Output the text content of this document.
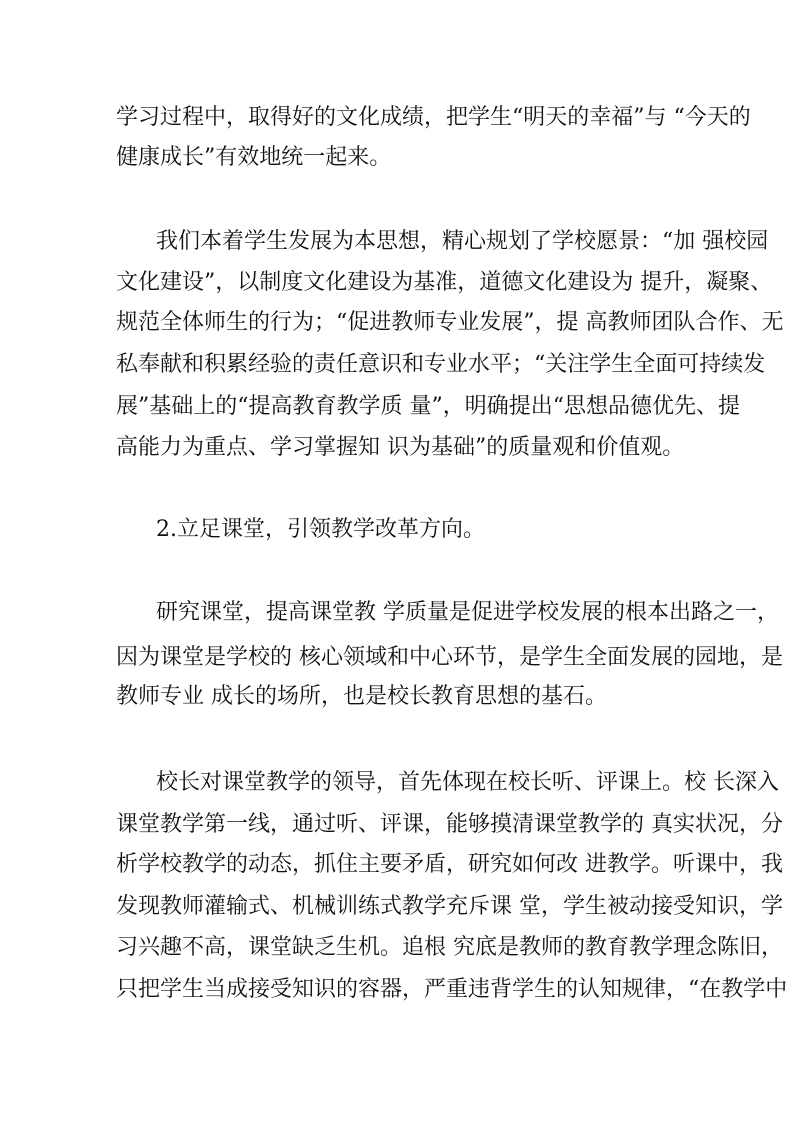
学习过程中，取得好的文化成绩，把学生“明天的幸福”与 “今天的
健康成长”有效地统一起来。
我们本着学生发展为本思想，精心规划了学校愿景：“加 强校园
文化建设”，以制度文化建设为基准，道德文化建设为 提升，凝聚、
规范全体师生的行为；“促进教师专业发展”，提 高教师团队合作、无
私奉献和积累经验的责任意识和专业水平；“关注学生全面可持续发
展”基础上的“提高教育教学质 量”，明确提出“思想品德优先、提
高能力为重点、学习掌握知 识为基础”的质量观和价值观。
2.立足课堂，引领教学改革方向。
研究课堂，提高课堂教 学质量是促进学校发展的根本出路之一，
因为课堂是学校的 核心领域和中心环节，是学生全面发展的园地，是
教师专业 成长的场所，也是校长教育思想的基石。
校长对课堂教学的领导，首先体现在校长听、评课上。校 长深入
课堂教学第一线，通过听、评课，能够摸清课堂教学的 真实状况，分
析学校教学的动态，抓住主要矛盾，研究如何改 进教学。听课中，我
发现教师灌输式、机械训练式教学充斥课 堂，学生被动接受知识，学
习兴趣不高，课堂缺乏生机。追根 究底是教师的教育教学理念陈旧，
只把学生当成接受知识的容器，严重违背学生的认知规律，“在教学中
